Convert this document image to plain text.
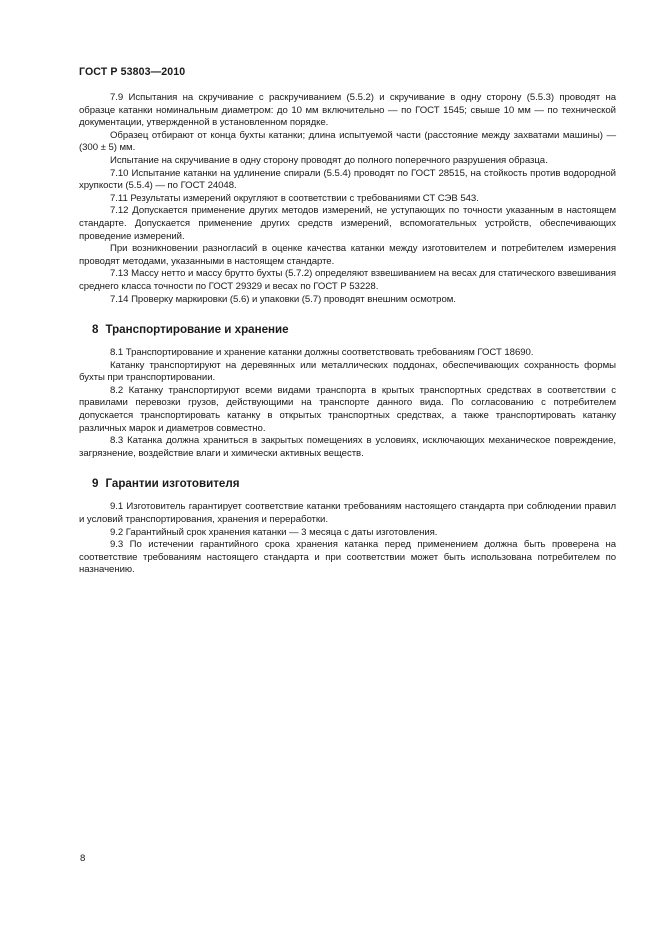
ГОСТ Р 53803—2010

7.9 Испытания на скручивание с раскручиванием (5.5.2) и скручивание в одну сторону (5.5.3) проводят на образце катанки номинальным диаметром: до 10 мм включительно — по ГОСТ 1545; свыше 10 мм — по технической документации, утвержденной в установленном порядке.

Образец отбирают от конца бухты катанки; длина испытуемой части (расстояние между захватами машины) — (300 ± 5) мм.

Испытание на скручивание в одну сторону проводят до полного поперечного разрушения образца.

7.10 Испытание катанки на удлинение спирали (5.5.4) проводят по ГОСТ 28515, на стойкость против водородной хрупкости (5.5.4) — по ГОСТ 24048.

7.11 Результаты измерений округляют в соответствии с требованиями СТ СЭВ 543.

7.12 Допускается применение других методов измерений, не уступающих по точности указанным в настоящем стандарте. Допускается применение других средств измерений, вспомогательных устройств, обеспечивающих проведение измерений.

При возникновении разногласий в оценке качества катанки между изготовителем и потребителем измерения проводят методами, указанными в настоящем стандарте.

7.13 Массу нетто и массу брутто бухты (5.7.2) определяют взвешиванием на весах для статического взвешивания среднего класса точности по ГОСТ 29329 и весах по ГОСТ Р 53228.

7.14 Проверку маркировки (5.6) и упаковки (5.7) проводят внешним осмотром.

8 Транспортирование и хранение

8.1 Транспортирование и хранение катанки должны соответствовать требованиям ГОСТ 18690.

Катанку транспортируют на деревянных или металлических поддонах, обеспечивающих сохранность формы бухты при транспортировании.

8.2 Катанку транспортируют всеми видами транспорта в крытых транспортных средствах в соответствии с правилами перевозки грузов, действующими на транспорте данного вида. По согласованию с потребителем допускается транспортировать катанку в открытых транспортных средствах, а также транспортировать катанку различных марок и диаметров совместно.

8.3 Катанка должна храниться в закрытых помещениях в условиях, исключающих механическое повреждение, загрязнение, воздействие влаги и химически активных веществ.

9 Гарантии изготовителя

9.1 Изготовитель гарантирует соответствие катанки требованиям настоящего стандарта при соблюдении правил и условий транспортирования, хранения и переработки.

9.2 Гарантийный срок хранения катанки — 3 месяца с даты изготовления.

9.3 По истечении гарантийного срока хранения катанка перед применением должна быть проверена на соответствие требованиям настоящего стандарта и при соответствии может быть использована потребителем по назначению.

8
